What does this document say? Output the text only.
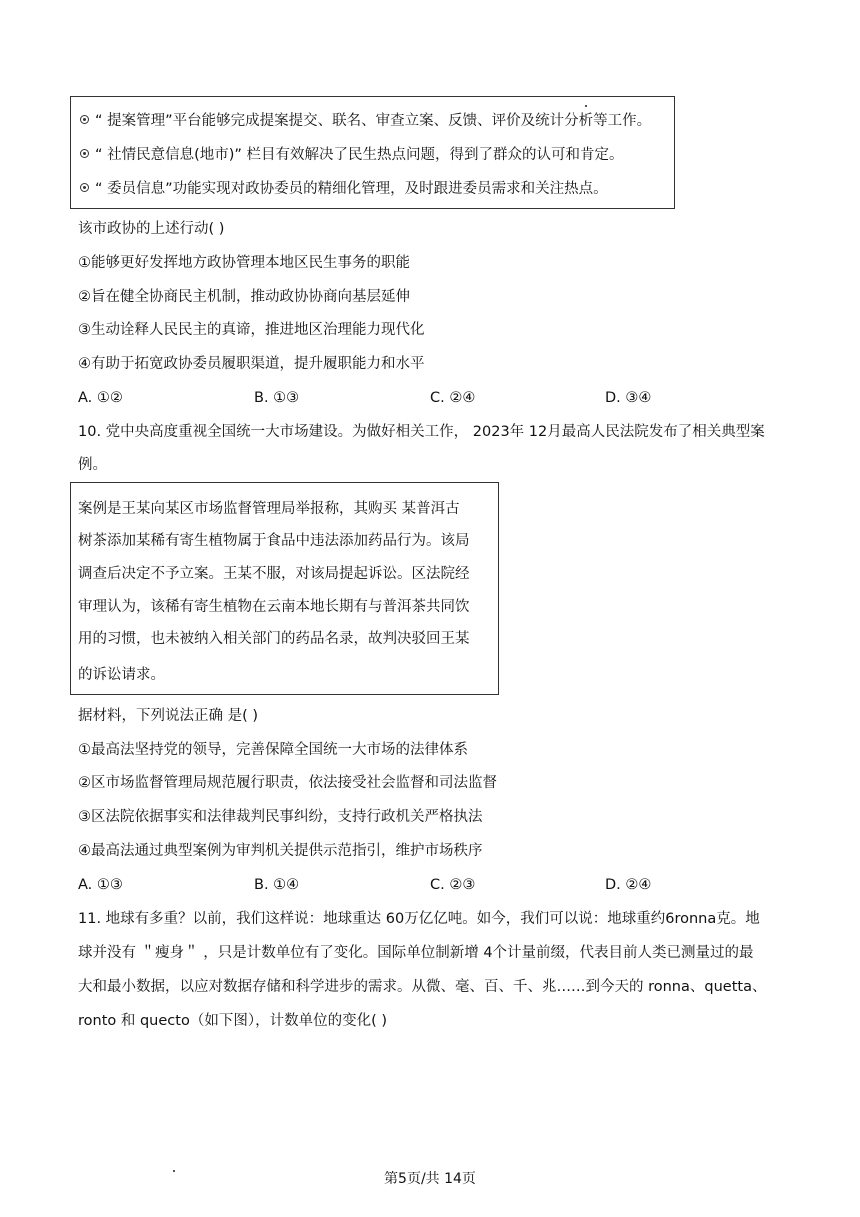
“ 提案管理”平台能够完成提案提交、联名、审查立案、反馈、评价及统计分析等工作。
“ 社情民意信息(地市)” 栏目有效解决了民生热点问题，得到了群众的认可和肯定。
“ 委员信息”功能实现对政协委员的精细化管理，及时跟进委员需求和关注热点。
该市政协的上述行动( )
①能够更好发挥地方政协管理本地区民生事务的职能
②旨在健全协商民主机制，推动政协协商向基层延伸
③生动诠释人民民主的真谛，推进地区治理能力现代化
④有助于拓宽政协委员履职渠道，提升履职能力和水平
A. ①②	B. ①③	C. ②④	D. ③④
10. 党中央高度重视全国统一大市场建设。为做好相关工作， 2023年 12月最高人民法院发布了相关典型案
例。
案例是王某向某区市场监督管理局举报称，其购买 某普洱古
树茶添加某稀有寄生植物属于食品中违法添加药品行为。该局
调查后决定不予立案。王某不服，对该局提起诉讼。区法院经
审理认为，该稀有寄生植物在云南本地长期有与普洱茶共同饮
用的习惯，也未被纳入相关部门的药品名录，故判决驳回王某
的诉讼请求。
据材料，下列说法正确 是( )
①最高法坚持党的领导，完善保障全国统一大市场的法律体系
②区市场监督管理局规范履行职责，依法接受社会监督和司法监督
③区法院依据事实和法律裁判民事纠纷，支持行政机关严格执法
④最高法通过典型案例为审判机关提供示范指引，维护市场秩序
A. ①③	B. ①④	C. ②③	D. ②④
11. 地球有多重？以前，我们这样说：地球重达 60万亿亿吨。如今，我们可以说：地球重约6ronna克。地
球并没有 ＂瘦身＂ ，只是计数单位有了变化。国际单位制新增 4个计量前缀，代表目前人类已测量过的最
大和最小数据，以应对数据存储和科学进步的需求。从微、毫、百、千、兆……到今天的 ronna、quetta、
ronto 和 quecto（如下图），计数单位的变化( )
第5页/共 14页
